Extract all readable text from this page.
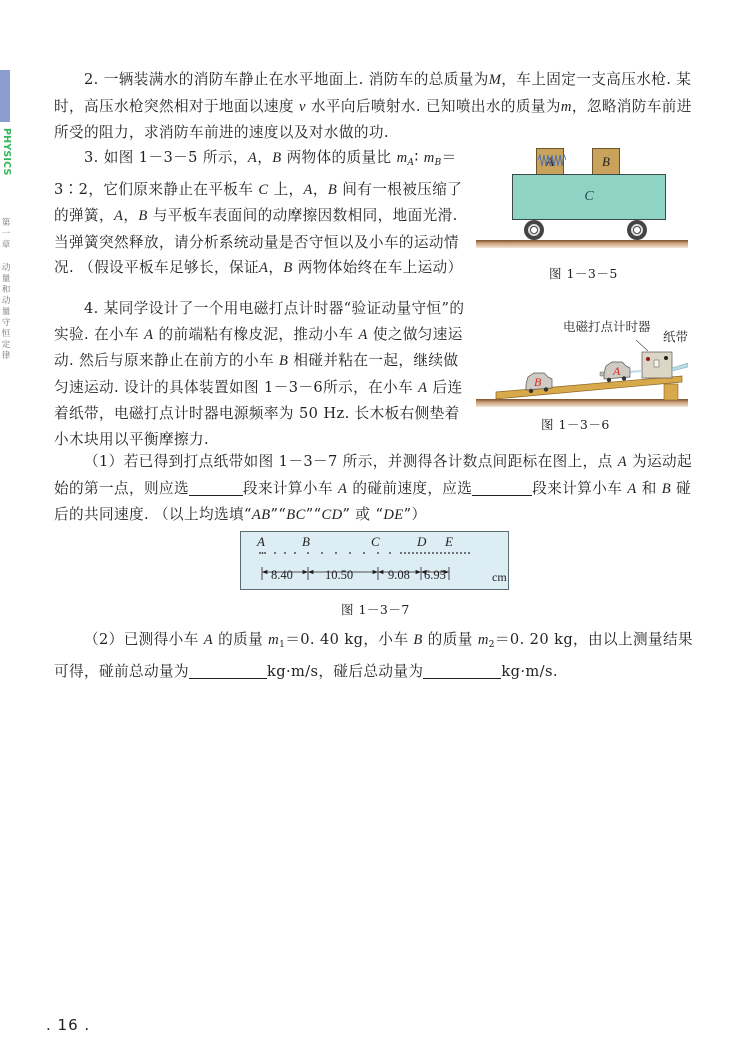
PHYSICS
第一章
动量和动量守恒定律
2. 一辆装满水的消防车静止在水平地面上. 消防车的总质量为M，车上固定一支高压水枪. 某时，高压水枪突然相对于地面以速度 v 水平向后喷射水. 已知喷出水的质量为m，忽略消防车前进所受的阻力，求消防车前进的速度以及对水做的功.
3. 如图 1－3－5 所示，A，B 两物体的质量比 $m_A∶$ $m_B=3∶2$，它们原来静止在平板车 C 上，A，B 间有一根被压缩了的弹簧，A，B 与平板车表面间的动摩擦因数相同，地面光滑. 当弹簧突然释放，请分析系统动量是否守恒以及小车的运动情况. （假设平板车足够长，保证A，B 两物体始终在车上运动）
A	B
C
图 1－3－5
4. 某同学设计了一个用电磁打点计时器“验证动量守恒”的实验. 在小车 A 的前端粘有橡皮泥，推动小车 A 使之做匀速运动. 然后与原来静止在前方的小车 B 相碰并粘在一起，继续做匀速运动. 设计的具体装置如图 1－3－6所示，在小车 A 后连着纸带，电磁打点计时器电源频率为 50 Hz. 长木板右侧垫着小木块用以平衡摩擦力.
电磁打点计时器
纸带
A
B
图 1－3－6
（1）若已得到打点纸带如图 1－3－7 所示，并测得各计数点间距标在图上，点 A 为运动起始的第一点，则应选	段来计算小车 A 的碰前速度，应选	段来计算小车 A 和 B 碰后的共同速度. （以上均选填“AB”“BC”“CD” 或 “DE”）
A	B	C	D E
8.40	10.50	9.08 6.95	cm
图 1－3－7
（2）已测得小车 A 的质量 $m_1=0$. 40 kg，小车 B 的质量 $m_2=0$. 20 kg，由以上测量结果可得，碰前总动量为	kg·m/s，碰后总动量为	kg·m/s.
. 16 .
